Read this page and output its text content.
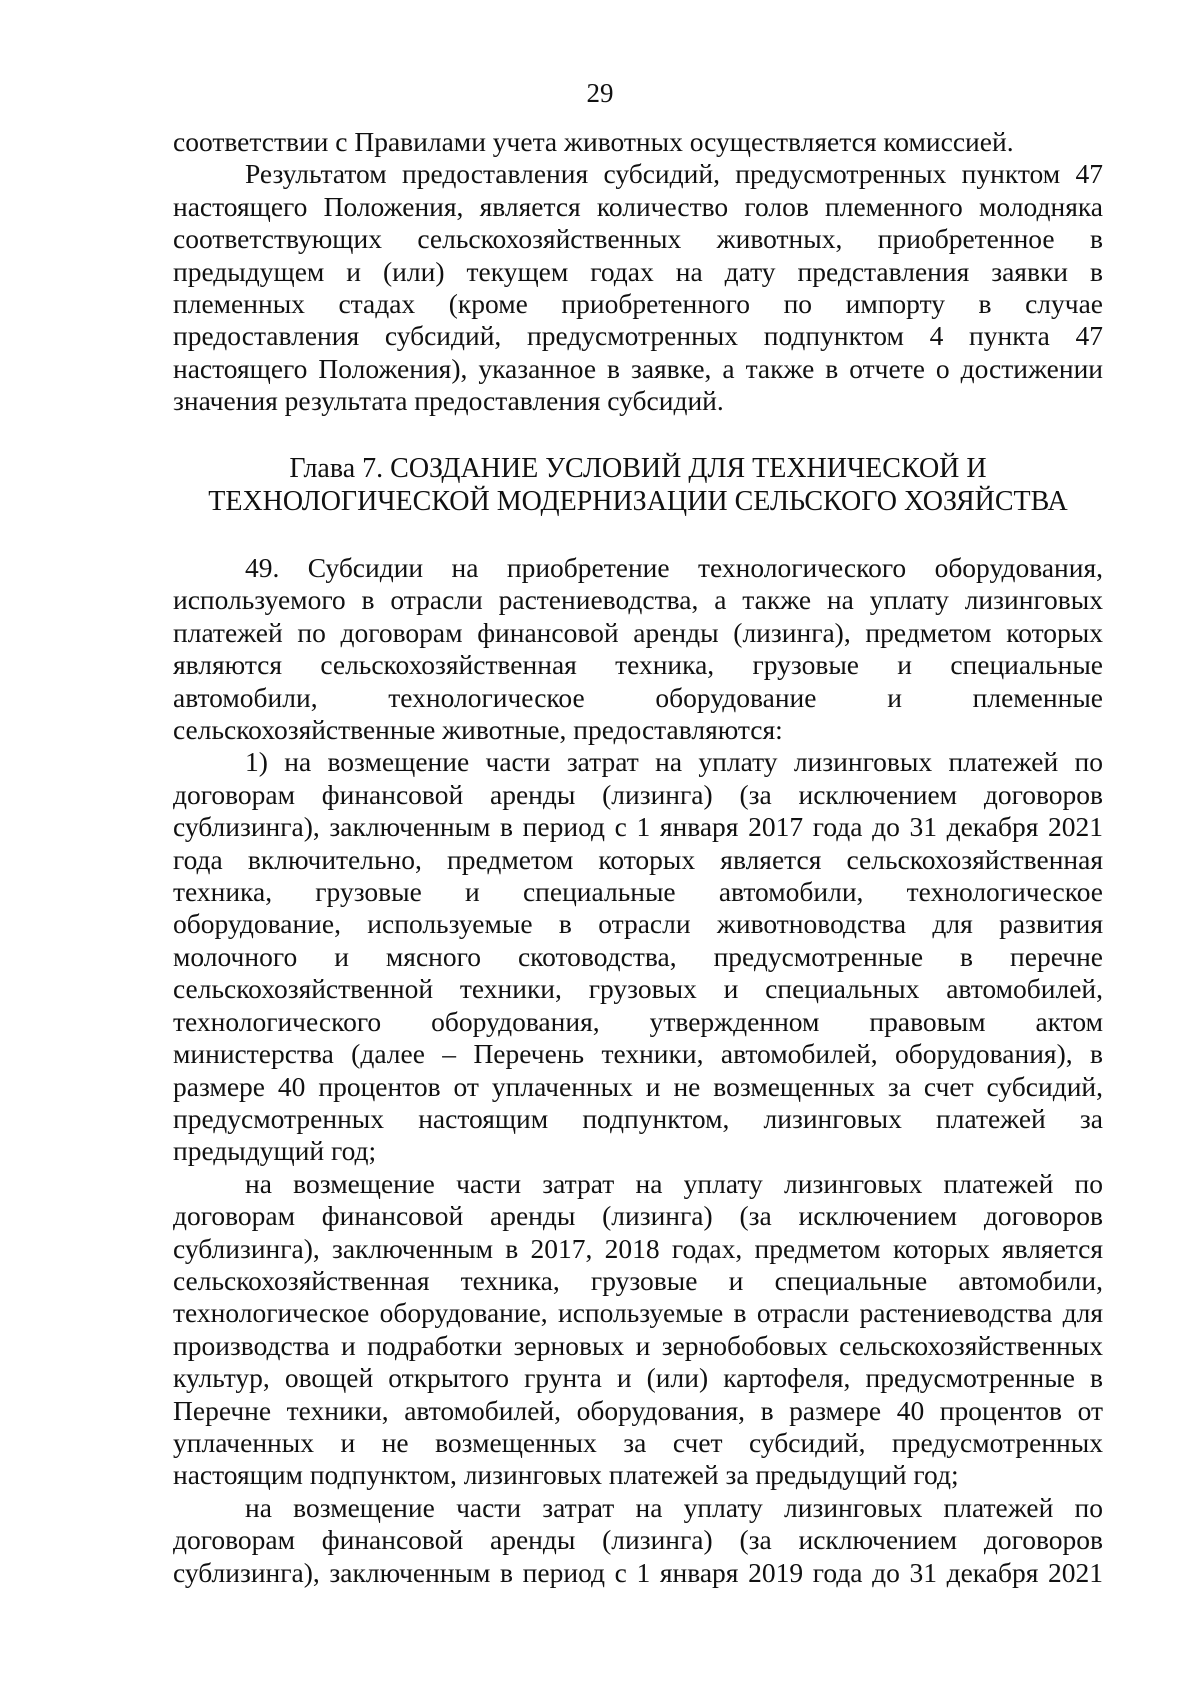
29

соответствии с Правилами учета животных осуществляется комиссией.

Результатом предоставления субсидий, предусмотренных пунктом 47

настоящего Положения, является количество голов племенного молодняка

соответствующих сельскохозяйственных животных, приобретенное в

предыдущем и (или) текущем годах на дату представления заявки в

племенных стадах (кроме приобретенного по импорту в случае

предоставления субсидий, предусмотренных подпунктом 4 пункта 47

настоящего Положения), указанное в заявке, а также в отчете о достижении

значения результата предоставления субсидий.

Глава 7. СОЗДАНИЕ УСЛОВИЙ ДЛЯ ТЕХНИЧЕСКОЙ И
ТЕХНОЛОГИЧЕСКОЙ МОДЕРНИЗАЦИИ СЕЛЬСКОГО ХОЗЯЙСТВА

49. Субсидии на приобретение технологического оборудования,

используемого в отрасли растениеводства, а также на уплату лизинговых

платежей по договорам финансовой аренды (лизинга), предметом которых

являются сельскохозяйственная техника, грузовые и специальные

автомобили, технологическое оборудование и племенные

сельскохозяйственные животные, предоставляются:

1) на возмещение части затрат на уплату лизинговых платежей по

договорам финансовой аренды (лизинга) (за исключением договоров

сублизинга), заключенным в период с 1 января 2017 года до 31 декабря 2021

года включительно, предметом которых является сельскохозяйственная

техника, грузовые и специальные автомобили, технологическое

оборудование, используемые в отрасли животноводства для развития

молочного и мясного скотоводства, предусмотренные в перечне

сельскохозяйственной техники, грузовых и специальных автомобилей,

технологического оборудования, утвержденном правовым актом

министерства (далее – Перечень техники, автомобилей, оборудования), в

размере 40 процентов от уплаченных и не возмещенных за счет субсидий,

предусмотренных настоящим подпунктом, лизинговых платежей за

предыдущий год;

на возмещение части затрат на уплату лизинговых платежей по

договорам финансовой аренды (лизинга) (за исключением договоров

сублизинга), заключенным в 2017, 2018 годах, предметом которых является

сельскохозяйственная техника, грузовые и специальные автомобили,

технологическое оборудование, используемые в отрасли растениеводства для

производства и подработки зерновых и зернобобовых сельскохозяйственных

культур, овощей открытого грунта и (или) картофеля, предусмотренные в

Перечне техники, автомобилей, оборудования, в размере 40 процентов от

уплаченных и не возмещенных за счет субсидий, предусмотренных

настоящим подпунктом, лизинговых платежей за предыдущий год;

на возмещение части затрат на уплату лизинговых платежей по

договорам финансовой аренды (лизинга) (за исключением договоров

сублизинга), заключенным в период с 1 января 2019 года до 31 декабря 2021
